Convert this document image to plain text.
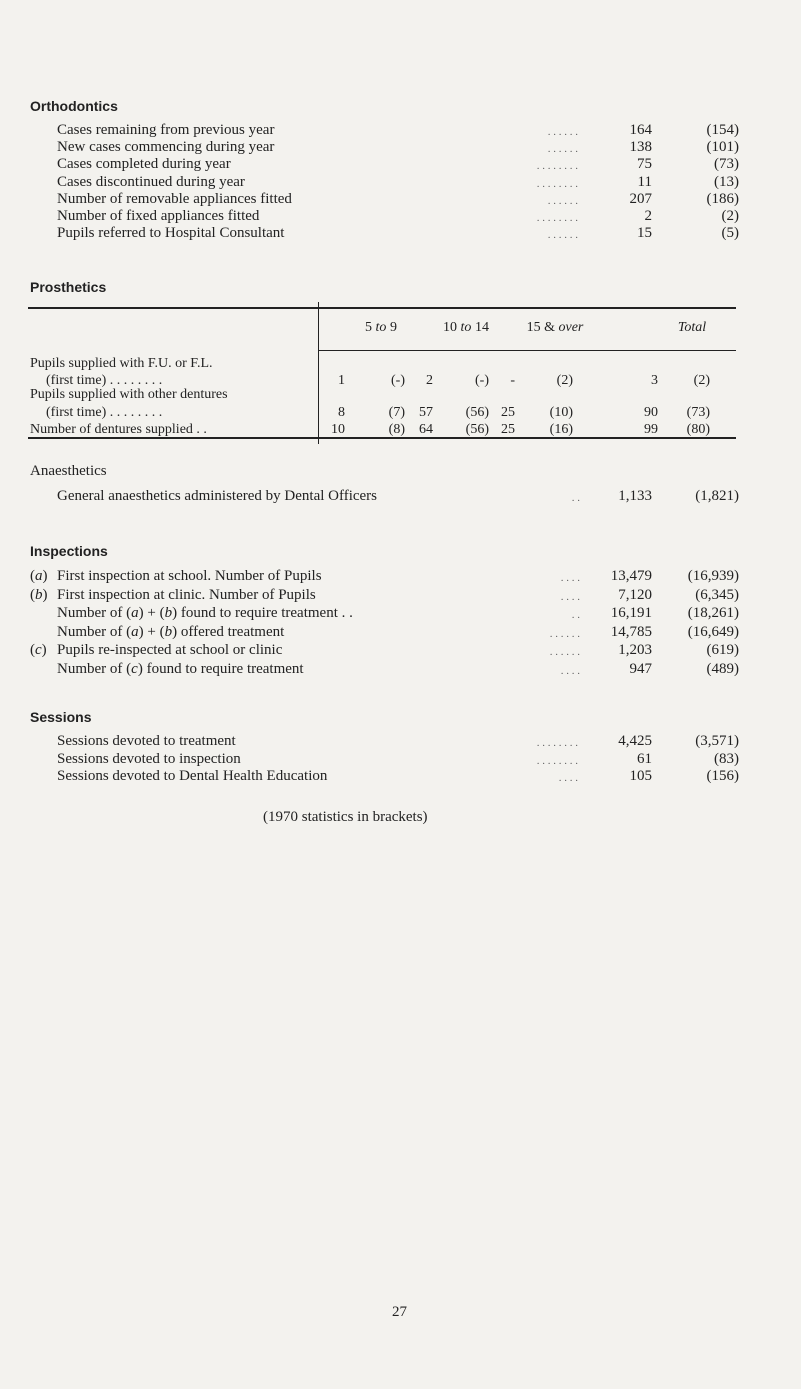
Orthodontics
Cases remaining from previous year	. . . . . .	164	(154)
New cases commencing during year	. . . . . .	138	(101)
Cases completed during year	. . . . . . . .	75	(73)
Cases discontinued during year	. . . . . . . .	11	(13)
Number of removable appliances fitted	. . . . . .	207	(186)
Number of fixed appliances fitted	. . . . . . . .	2	(2)
Pupils referred to Hospital Consultant	. . . . . .	15	(5)
Prosthetics
5 to 9	10 to 14	15 & over	Total
Pupils supplied with F.U. or F.L.
(first time) . . . . . . . .	1	(-) 2	(-) -	(2)	3	(2)
Pupils supplied with other dentures
(first time) . . . . . . . .	8	(7) 57 (56) 25 (10)	90 (73)
Number of dentures supplied . .	10	(8) 64 (56) 25 (16)	99 (80)
Anaesthetics
General anaesthetics administered by Dental Officers	. .	1,133	(1,821)
Inspections
(a) First inspection at school. Number of Pupils	. . . . 13,479 (16,939)
(b) First inspection at clinic. Number of Pupils	. . . .	7,120	(6,345)
Number of (a) + (b) found to require treatment . .	. . 16,191 (18,261)
Number of (a) + (b) offered treatment	. . . . . . 14,785 (16,649)
(c) Pupils re-inspected at school or clinic	. . . . . .	1,203	(619)
Number of (c) found to require treatment	. . . .	947	(489)
Sessions
Sessions devoted to treatment	. . . . . . . .	4,425	(3,571)
Sessions devoted to inspection	. . . . . . . .	61	(83)
Sessions devoted to Dental Health Education	. . . .	105	(156)
(1970 statistics in brackets)
27
